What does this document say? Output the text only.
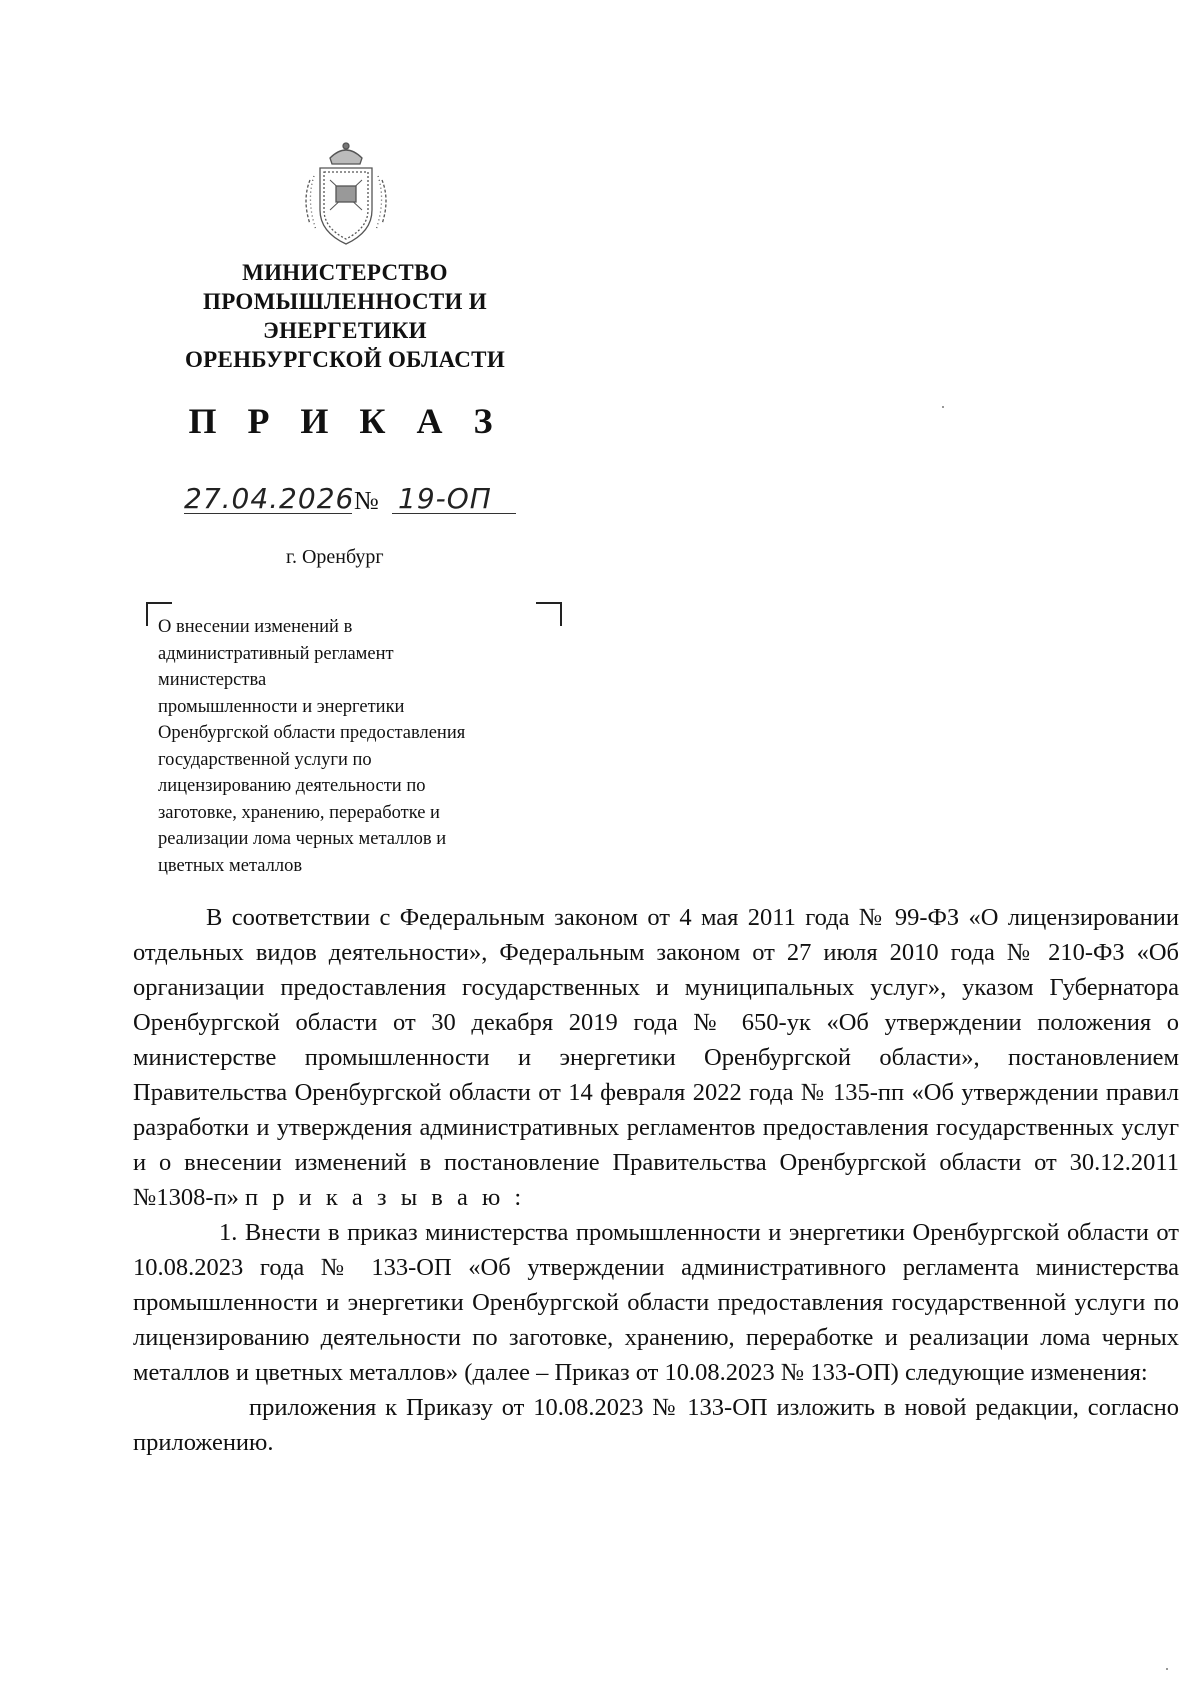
МИНИСТЕРСТВО
ПРОМЫШЛЕННОСТИ И
ЭНЕРГЕТИКИ
ОРЕНБУРГСКОЙ ОБЛАСТИ
П Р И К А З
27.04.2026 № 19-ОП
г. Оренбург
О внесении изменений в
административный регламент
министерства
промышленности и энергетики
Оренбургской области предоставления
государственной услуги по
лицензированию деятельности по
заготовке, хранению, переработке и
реализации лома черных металлов и
цветных металлов

В соответствии с Федеральным законом от 4 мая 2011 года № 99-ФЗ «О лицензировании отдельных видов деятельности», Федеральным законом от 27 июля 2010 года № 210-ФЗ «Об организации предоставления государственных и муниципальных услуг», указом Губернатора Оренбургской области от 30 декабря 2019 года № 650-ук «Об утверждении положения о министерстве промышленности и энергетики Оренбургской области», постановлением Правительства Оренбургской области от 14 февраля 2022 года № 135-пп «Об утверждении правил разработки и утверждения административных регламентов предоставления государственных услуг и о внесении изменений в постановление Правительства Оренбургской области от 30.12.2011 №1308-п» п р и к а з ы в а ю :

1. Внести в приказ министерства промышленности и энергетики Оренбургской области от 10.08.2023 года № 133-ОП «Об утверждении административного регламента министерства промышленности и энергетики Оренбургской области предоставления государственной услуги по лицензированию деятельности по заготовке, хранению, переработке и реализации лома черных металлов и цветных металлов» (далее – Приказ от 10.08.2023 № 133-ОП) следующие изменения:

приложения к Приказу от 10.08.2023 № 133-ОП изложить в новой редакции, согласно приложению.
